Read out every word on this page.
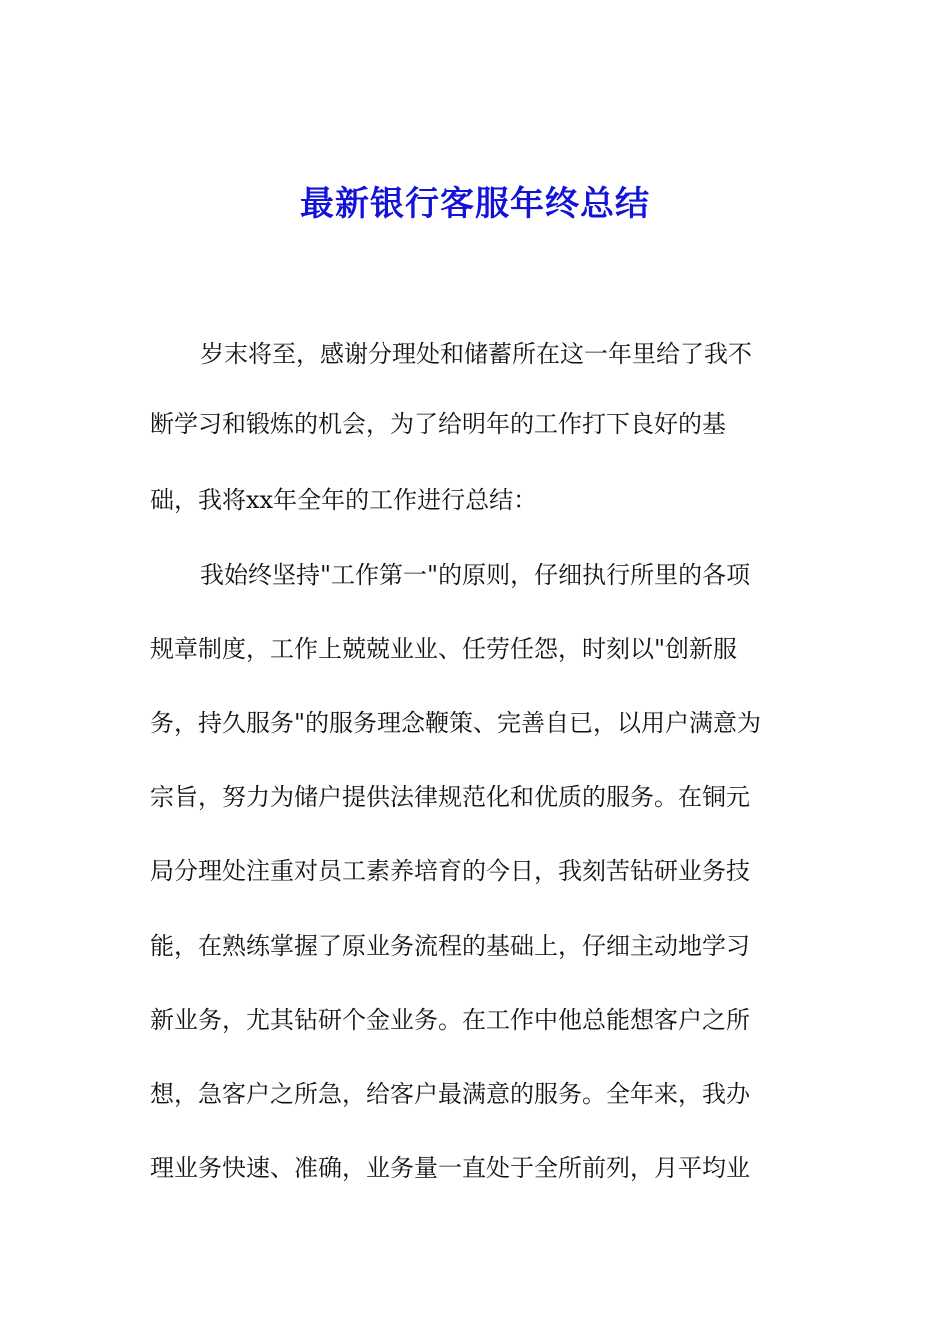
最新银行客服年终总结
岁末将至，感谢分理处和储蓄所在这一年里给了我不
断学习和锻炼的机会，为了给明年的工作打下良好的基
础，我将xx年全年的工作进行总结：
我始终坚持"工作第一"的原则，仔细执行所里的各项
规章制度，工作上兢兢业业、任劳任怨，时刻以"创新服
务，持久服务"的服务理念鞭策、完善自已，以用户满意为
宗旨，努力为储户提供法律规范化和优质的服务。在铜元
局分理处注重对员工素养培育的今日，我刻苦钻研业务技
能，在熟练掌握了原业务流程的基础上，仔细主动地学习
新业务，尤其钻研个金业务。在工作中他总能想客户之所
想，急客户之所急，给客户最满意的服务。全年来，我办
理业务快速、准确，业务量一直处于全所前列，月平均业
